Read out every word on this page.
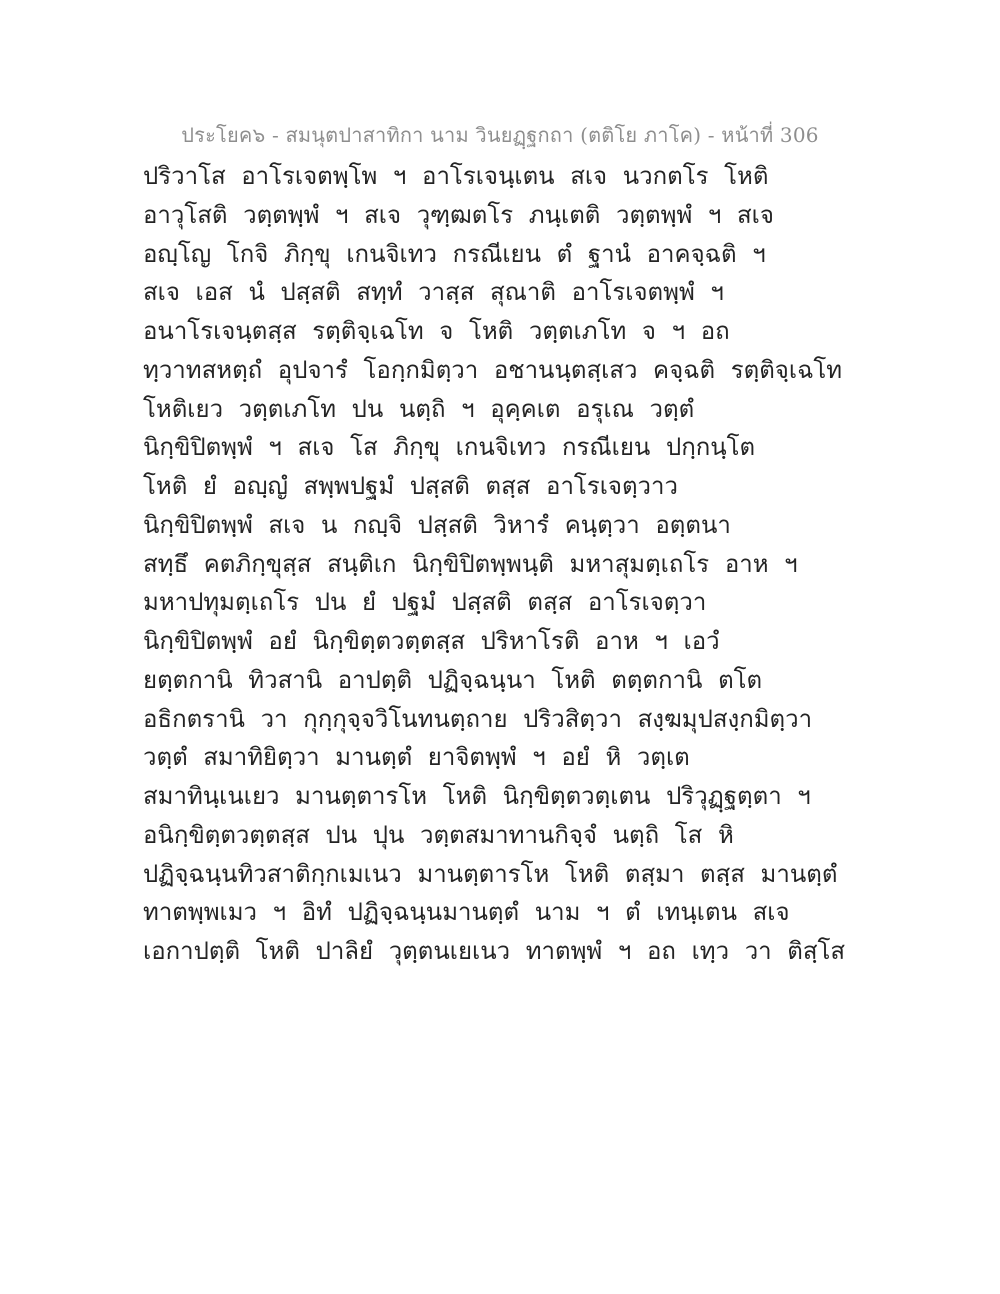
ประโยค๖ - สมนุตปาสาทิกา นาม วินยฏฺฐกถา (ตติโย ภาโค) - หน้าที่ 306

ปริวาโส อาโรเจตพฺโพ ฯ อาโรเจนฺเตน สเจ นวกตโร โหติ

อาวุโสติ วตฺตพฺพํ ฯ สเจ วุฑฺฒตโร ภนฺเตติ วตฺตพฺพํ ฯ สเจ

อญฺโญ โกจิ ภิกฺขุ เกนจิเทว กรณีเยน ตํ ฐานํ อาคจฺฉติ ฯ

สเจ เอส นํ ปสฺสติ สทฺทํ วาสฺส สุณาติ อาโรเจตพฺพํ ฯ

อนาโรเจนฺตสฺส รตฺติจฺเฉโท จ โหติ วตฺตเภโท จ ฯ อถ

ทฺวาทสหตฺถํ อุปจารํ โอกฺกมิตฺวา อชานนฺตสฺเสว คจฺฉติ รตฺติจฺเฉโท

โหติเยว วตฺตเภโท ปน นตฺถิ ฯ อุคฺคเต อรุเณ วตฺตํ

นิกฺขิปิตพฺพํ ฯ สเจ โส ภิกฺขุ เกนจิเทว กรณีเยน ปกฺกนฺโต

โหติ ยํ อญฺญํ สพฺพปฐมํ ปสฺสติ ตสฺส อาโรเจตฺวาว

นิกฺขิปิตพฺพํ สเจ น กญฺจิ ปสฺสติ วิหารํ คนฺตฺวา อตฺตนา

สทฺธึ คตภิกฺขุสฺส สนฺติเก นิกฺขิปิตพฺพนฺติ มหาสุมตฺเถโร อาห ฯ

มหาปทุมตฺเถโร ปน ยํ ปฐมํ ปสฺสติ ตสฺส อาโรเจตฺวา

นิกฺขิปิตพฺพํ อยํ นิกฺขิตฺตวตฺตสฺส ปริหาโรติ อาห ฯ เอวํ

ยตฺตกานิ ทิวสานิ อาปตฺติ ปฏิจฺฉนฺนา โหติ ตตฺตกานิ ตโต

อธิกตรานิ วา กุกฺกุจฺจวิโนทนตฺถาย ปริวสิตฺวา สงฺฆมุปสงฺกมิตฺวา

วตฺตํ สมาทิยิตฺวา มานตฺตํ ยาจิตพฺพํ ฯ อยํ หิ วตฺเต

สมาทินฺเนเยว มานตฺตารโห โหติ นิกฺขิตฺตวตฺเตน ปริวุฏฺฐตฺตา ฯ

อนิกฺขิตฺตวตฺตสฺส ปน ปุน วตฺตสมาทานกิจฺจํ นตฺถิ โส หิ

ปฏิจฺฉนฺนทิวสาติกฺกเมเนว มานตฺตารโห โหติ ตสฺมา ตสฺส มานตฺตํ

ทาตพฺพเมว ฯ อิทํ ปฏิจฺฉนฺนมานตฺตํ นาม ฯ ตํ เทนฺเตน สเจ

เอกาปตฺติ โหติ ปาลิยํ วุตฺตนเยเนว ทาตพฺพํ ฯ อถ เทฺว วา ติสฺโส
